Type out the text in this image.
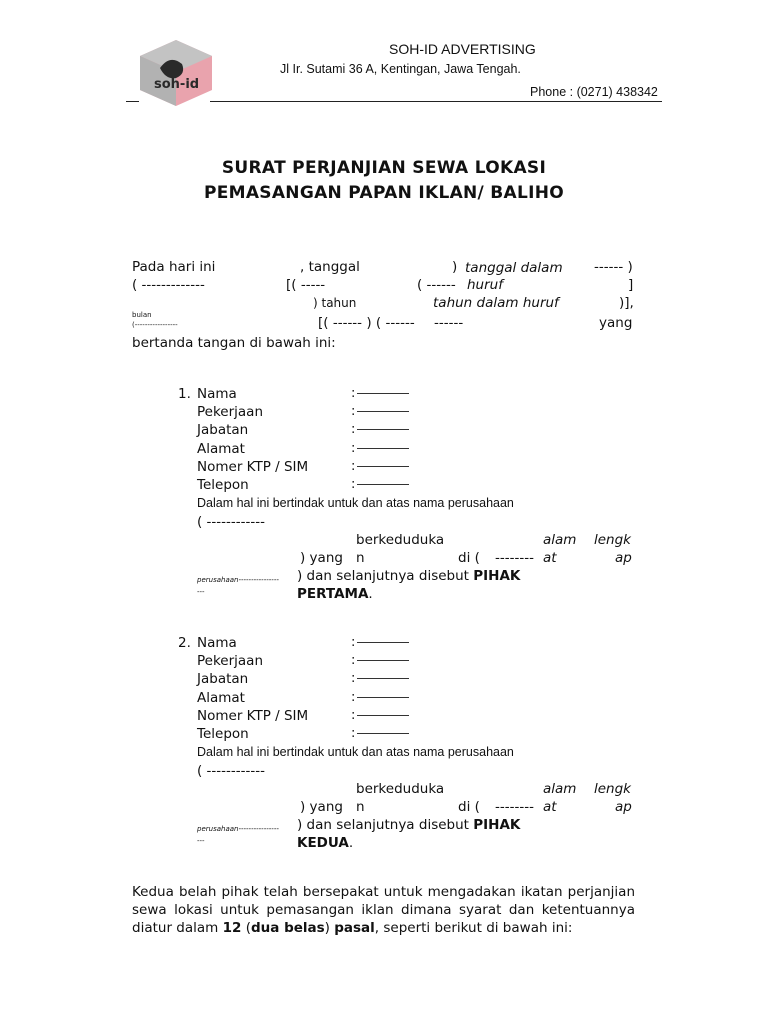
soh-id
SOH-ID ADVERTISING
Jl Ir. Sutami 36 A, Kentingan, Jawa Tengah.
Phone : (0271) 438342
SURAT PERJANJIAN SEWA LOKASI
PEMASANGAN PAPAN IKLAN/ BALIHO
Pada hari ini	, tanggal	) tanggal dalam ------ )
( -------------	[( -----	( ------ huruf	]
) tahun	tahun dalam huruf	)],
bulan
(-----------------	[( ------ ) ( ------ ------	yang
bertanda tangan di bawah ini:
1. Nama	:
Pekerjaan	:
Jabatan	:
Alamat	:
Nomer KTP / SIM	:
Telepon	:
Dalam hal ini bertindak untuk dan atas nama perusahaan
( ------------
berkeduduka	alam lengk
) yang n	di ( -------- at	ap
perusahaan----------------
---
) dan selanjutnya disebut PIHAK
PERTAMA.
2. Nama	:
Pekerjaan	:
Jabatan	:
Alamat	:
Nomer KTP / SIM	:
Telepon	:
Dalam hal ini bertindak untuk dan atas nama perusahaan
( ------------
berkeduduka	alam lengk
) yang n	di ( -------- at	ap
perusahaan----------------
---
) dan selanjutnya disebut PIHAK
KEDUA.
Kedua belah pihak telah bersepakat untuk mengadakan ikatan perjanjian sewa lokasi untuk pemasangan iklan dimana syarat dan ketentuannya diatur dalam 12 (dua belas) pasal, seperti berikut di bawah ini:
